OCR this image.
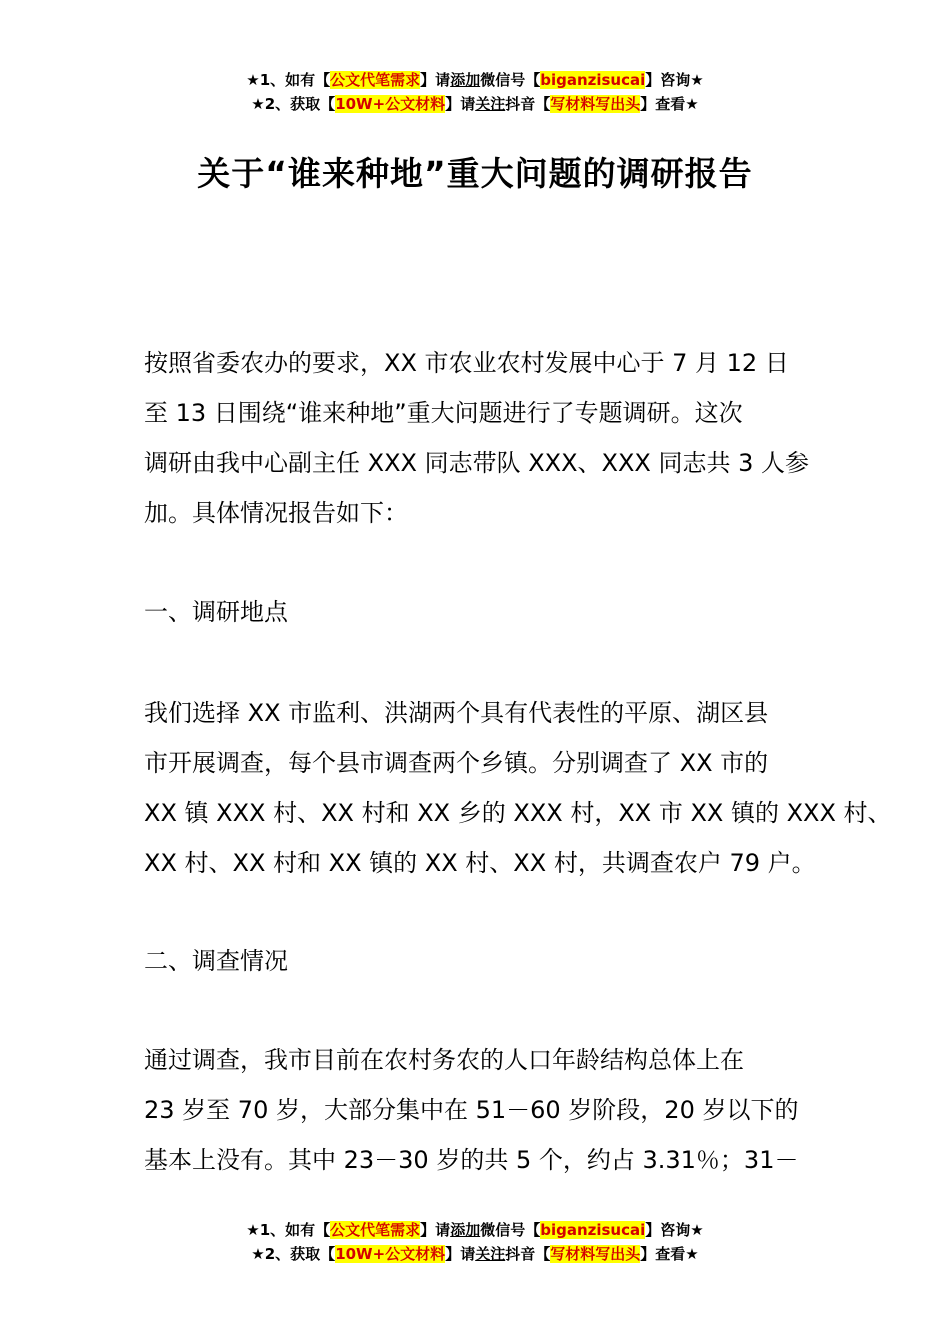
★1、如有【公文代笔需求】请添加微信号【biganzisucai】咨询★
★2、获取【10W+公文材料】请关注抖音【写材料写出头】查看★
关于“谁来种地”重大问题的调研报告
按照省委农办的要求，XX 市农业农村发展中心于 7 月 12 日
至 13 日围绕“谁来种地”重大问题进行了专题调研。这次
调研由我中心副主任 XXX 同志带队 XXX、XXX 同志共 3 人参
加。具体情况报告如下：
一、调研地点
我们选择 XX 市监利、洪湖两个具有代表性的平原、湖区县
市开展调查，每个县市调查两个乡镇。分别调查了 XX 市的
XX 镇 XXX 村、XX 村和 XX 乡的 XXX 村，XX 市 XX 镇的 XXX 村、
XX 村、XX 村和 XX 镇的 XX 村、XX 村，共调查农户 79 户。
二、调查情况
通过调查，我市目前在农村务农的人口年龄结构总体上在
23 岁至 70 岁，大部分集中在 51－60 岁阶段，20 岁以下的
基本上没有。其中 23－30 岁的共 5 个，约占 3.31％；31－
★1、如有【公文代笔需求】请添加微信号【biganzisucai】咨询★
★2、获取【10W+公文材料】请关注抖音【写材料写出头】查看★
